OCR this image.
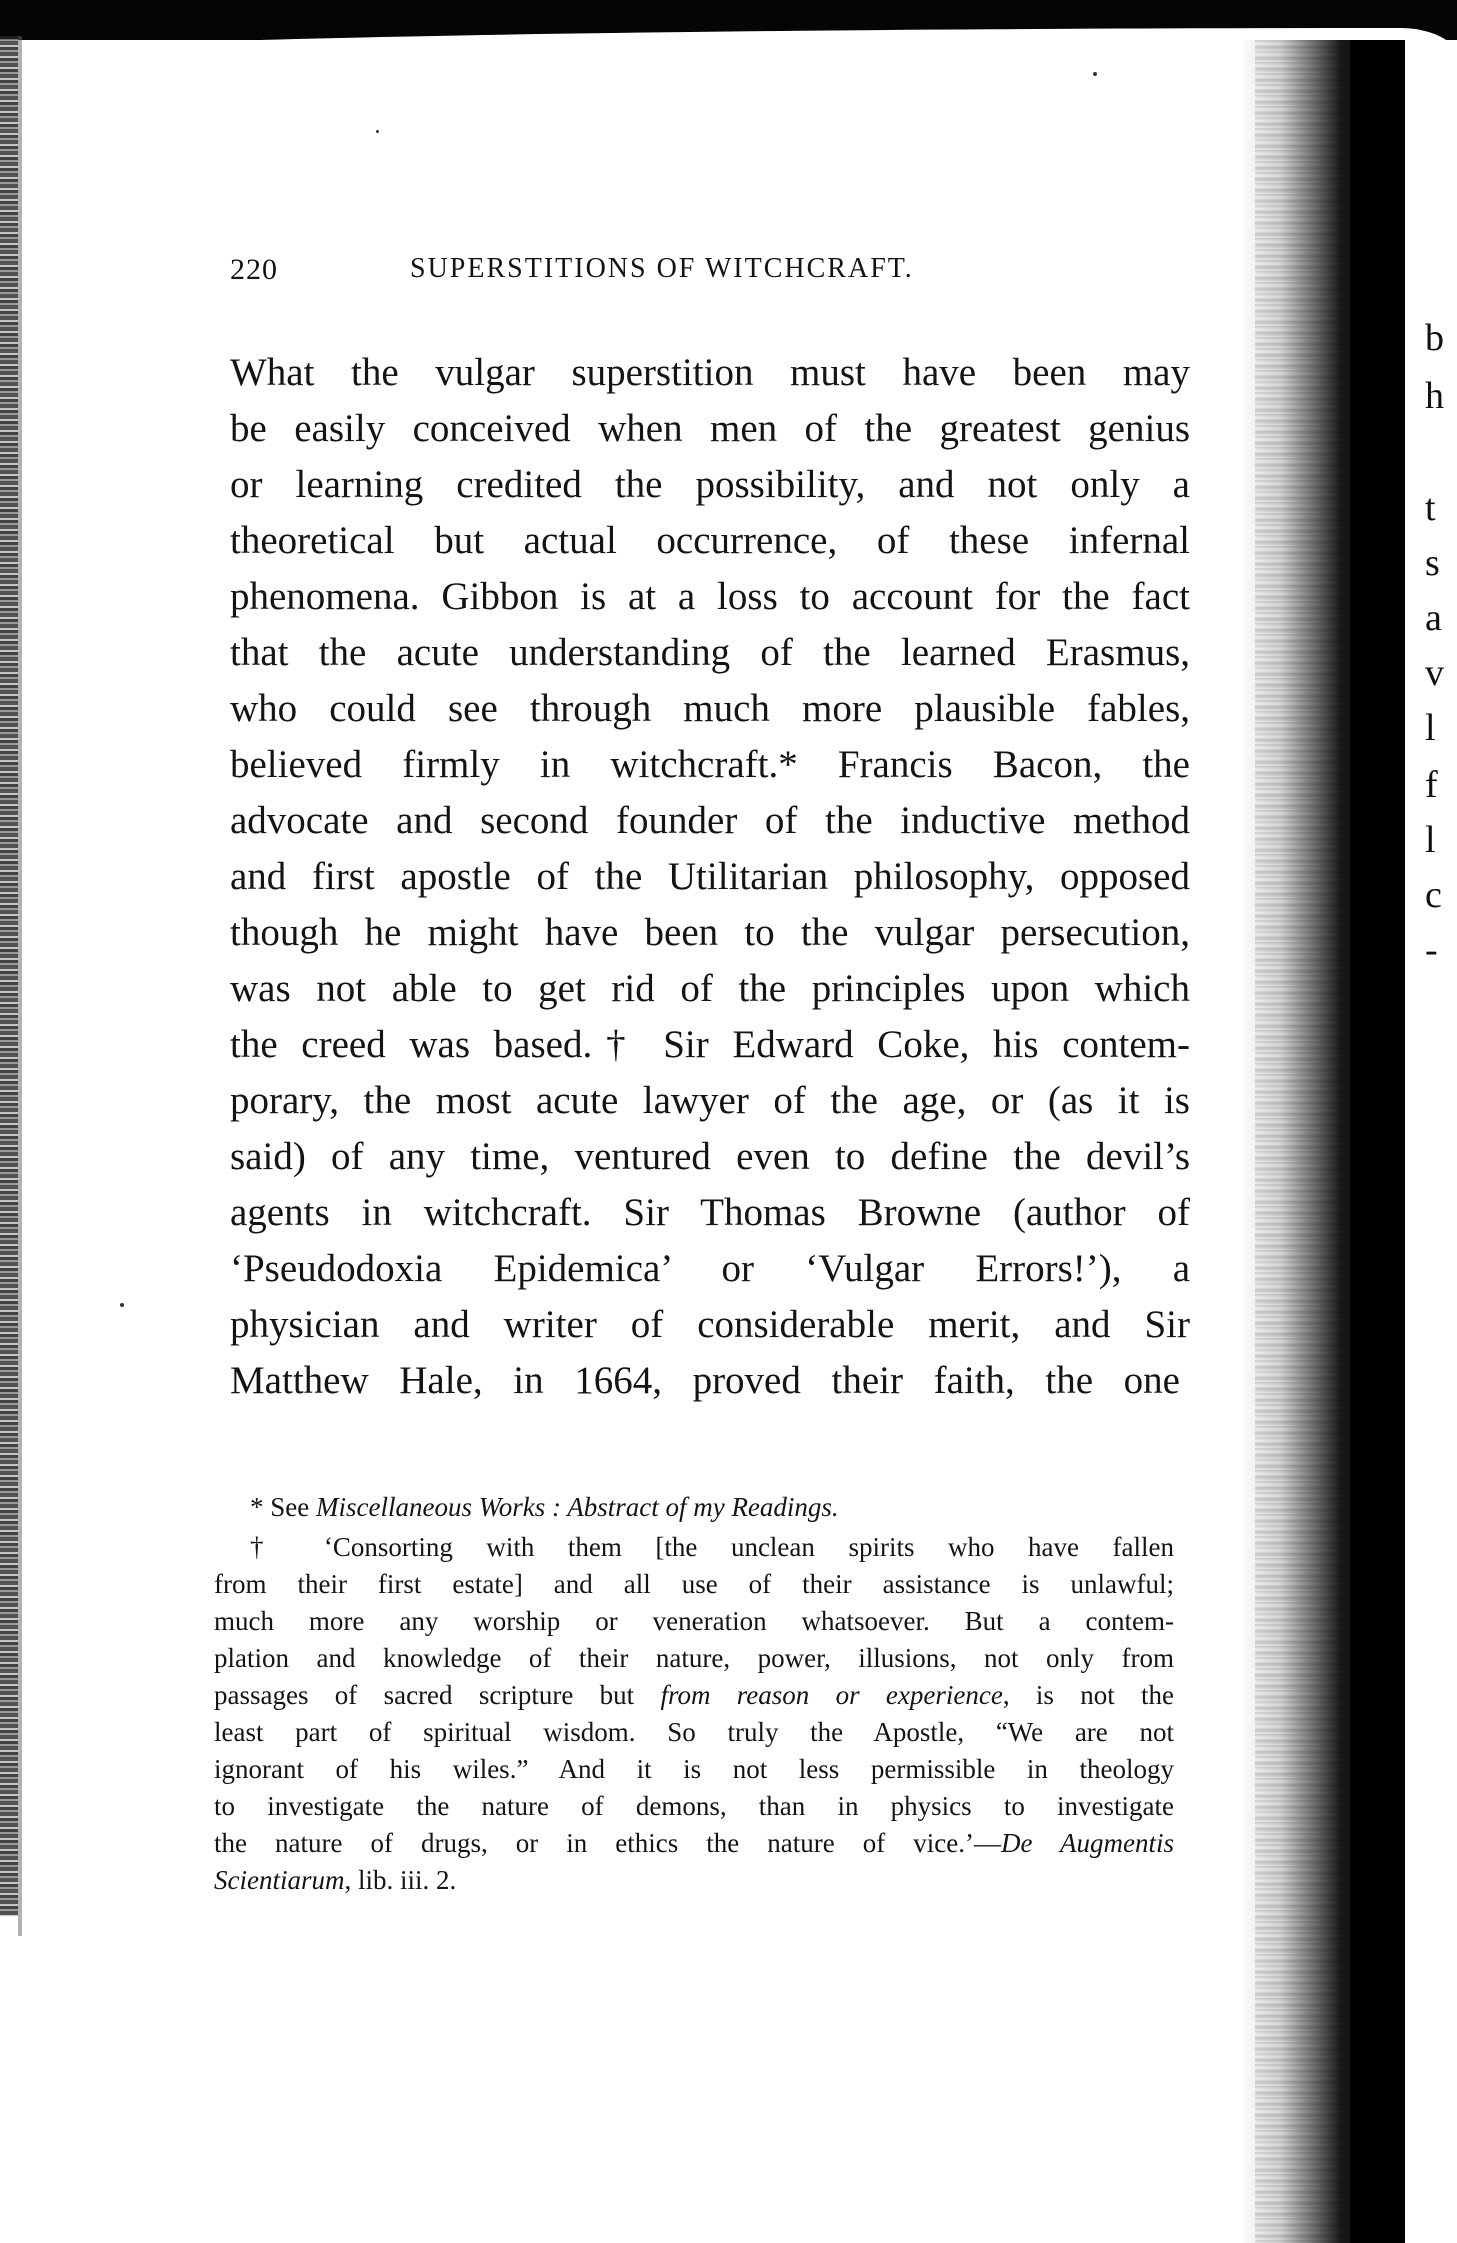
b
h
t
s
a
v
l
f
l
c
-
220	SUPERSTITIONS OF WITCHCRAFT.
What the vulgar superstition must have been may
be easily conceived when men of the greatest genius
or learning credited the possibility, and not only a
theoretical but actual occurrence, of these infernal
phenomena. Gibbon is at a loss to account for the fact
that the acute understanding of the learned Erasmus,
who could see through much more plausible fables,
believed firmly in witchcraft.* Francis Bacon, the
advocate and second founder of the inductive method
and first apostle of the Utilitarian philosophy, opposed
though he might have been to the vulgar persecution,
was not able to get rid of the principles upon which
the creed was based.† Sir Edward Coke, his contem-
porary, the most acute lawyer of the age, or (as it is
said) of any time, ventured even to define the devil’s
agents in witchcraft. Sir Thomas Browne (author of
‘Pseudodoxia Epidemica’ or ‘Vulgar Errors!’), a
physician and writer of considerable merit, and Sir
Matthew Hale, in 1664, proved their faith, the one
* See Miscellaneous Works : Abstract of my Readings.
† ‘Consorting with them [the unclean spirits who have fallen
from their first estate] and all use of their assistance is unlawful;
much more any worship or veneration whatsoever. But a contem-
plation and knowledge of their nature, power, illusions, not only from
passages of sacred scripture but from reason or experience, is not the
least part of spiritual wisdom. So truly the Apostle, “We are not
ignorant of his wiles.” And it is not less permissible in theology
to investigate the nature of demons, than in physics to investigate
the nature of drugs, or in ethics the nature of vice.’—De Augmentis
Scientiarum, lib. iii. 2.
